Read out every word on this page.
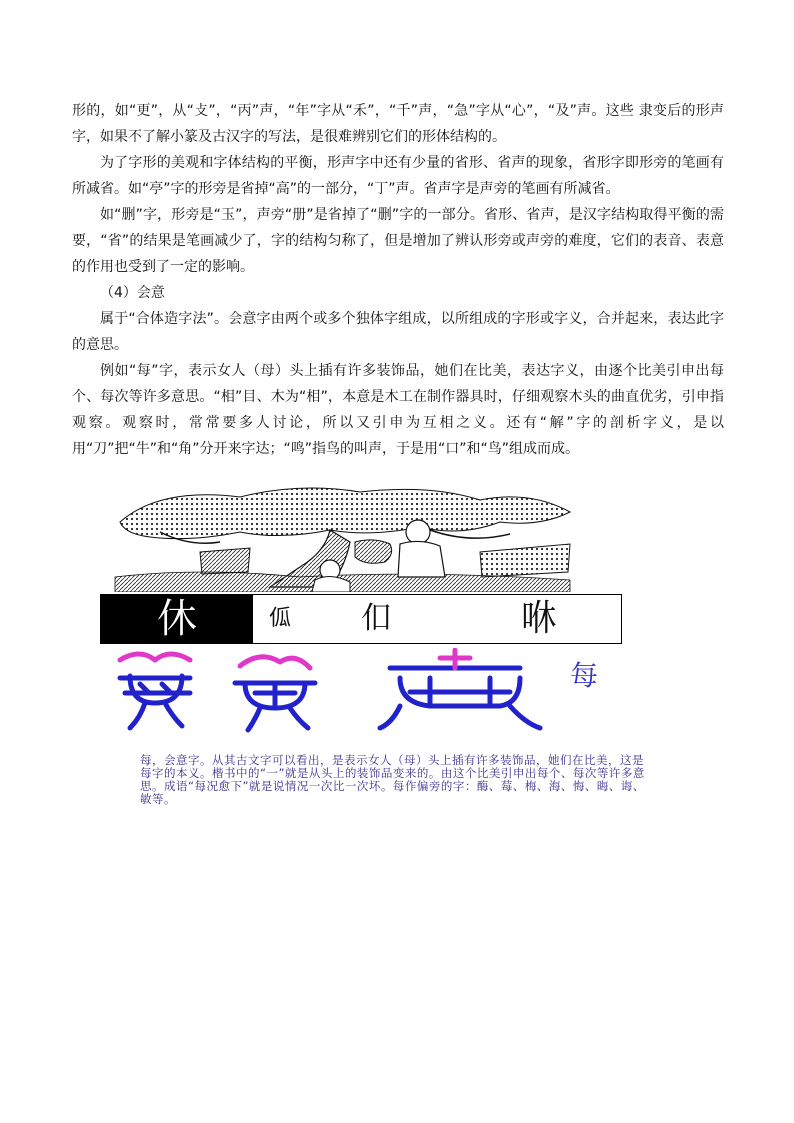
形的，如“更”，从“攴”，“丙”声，“年”字从“禾”，“千”声，“急”字从“心”，“及”声。这些 隶变后的形声字，如果不了解小篆及古汉字的写法，是很难辨别它们的形体结构的。

为了字形的美观和字体结构的平衡，形声字中还有少量的省形、省声的现象，省形字即形旁的笔画有所减省。如“亭”字的形旁是省掉“高”的一部分，“丁”声。省声字是声旁的笔画有所减省。

如“删”字，形旁是“玉”，声旁“册”是省掉了“删”字的一部分。省形、省声，是汉字结构取得平衡的需要，“省”的结果是笔画减少了，字的结构匀称了，但是增加了辨认形旁或声旁的难度，它们的表音、表意的作用也受到了一定的影响。

（4）会意

属于“合体造字法”。会意字由两个或多个独体字组成，以所组成的字形或字义，合并起来，表达此字的意思。

例如“每”字，表示女人（母）头上插有许多装饰品，她们在比美，表达字义，由逐个比美引申出每个、每次等许多意思。“相”目、木为“相”，本意是木工在制作器具时，仔细观察木头的曲直优劣，引申指观察。观察时，常常要多人讨论，所以又引申为互相之义。还有“解”字的剖析字义，是以用“刀”把“牛”和“角”分开来字达；“鸣”指鸟的叫声，于是用“口”和“鸟”组成而成。

休	𠇗 㐰	咻
每

每，会意字。从其古文字可以看出，是表示女人（母）头上插有许多装饰品，她们在比美，这是每字的本义。楷书中的“一”就是从头上的装饰品变来的。由这个比美引申出每个、每次等许多意思。成语“每况愈下”就是说情况一次比一次坏。每作偏旁的字：酶、莓、梅、海、悔、晦、诲、敏等。
